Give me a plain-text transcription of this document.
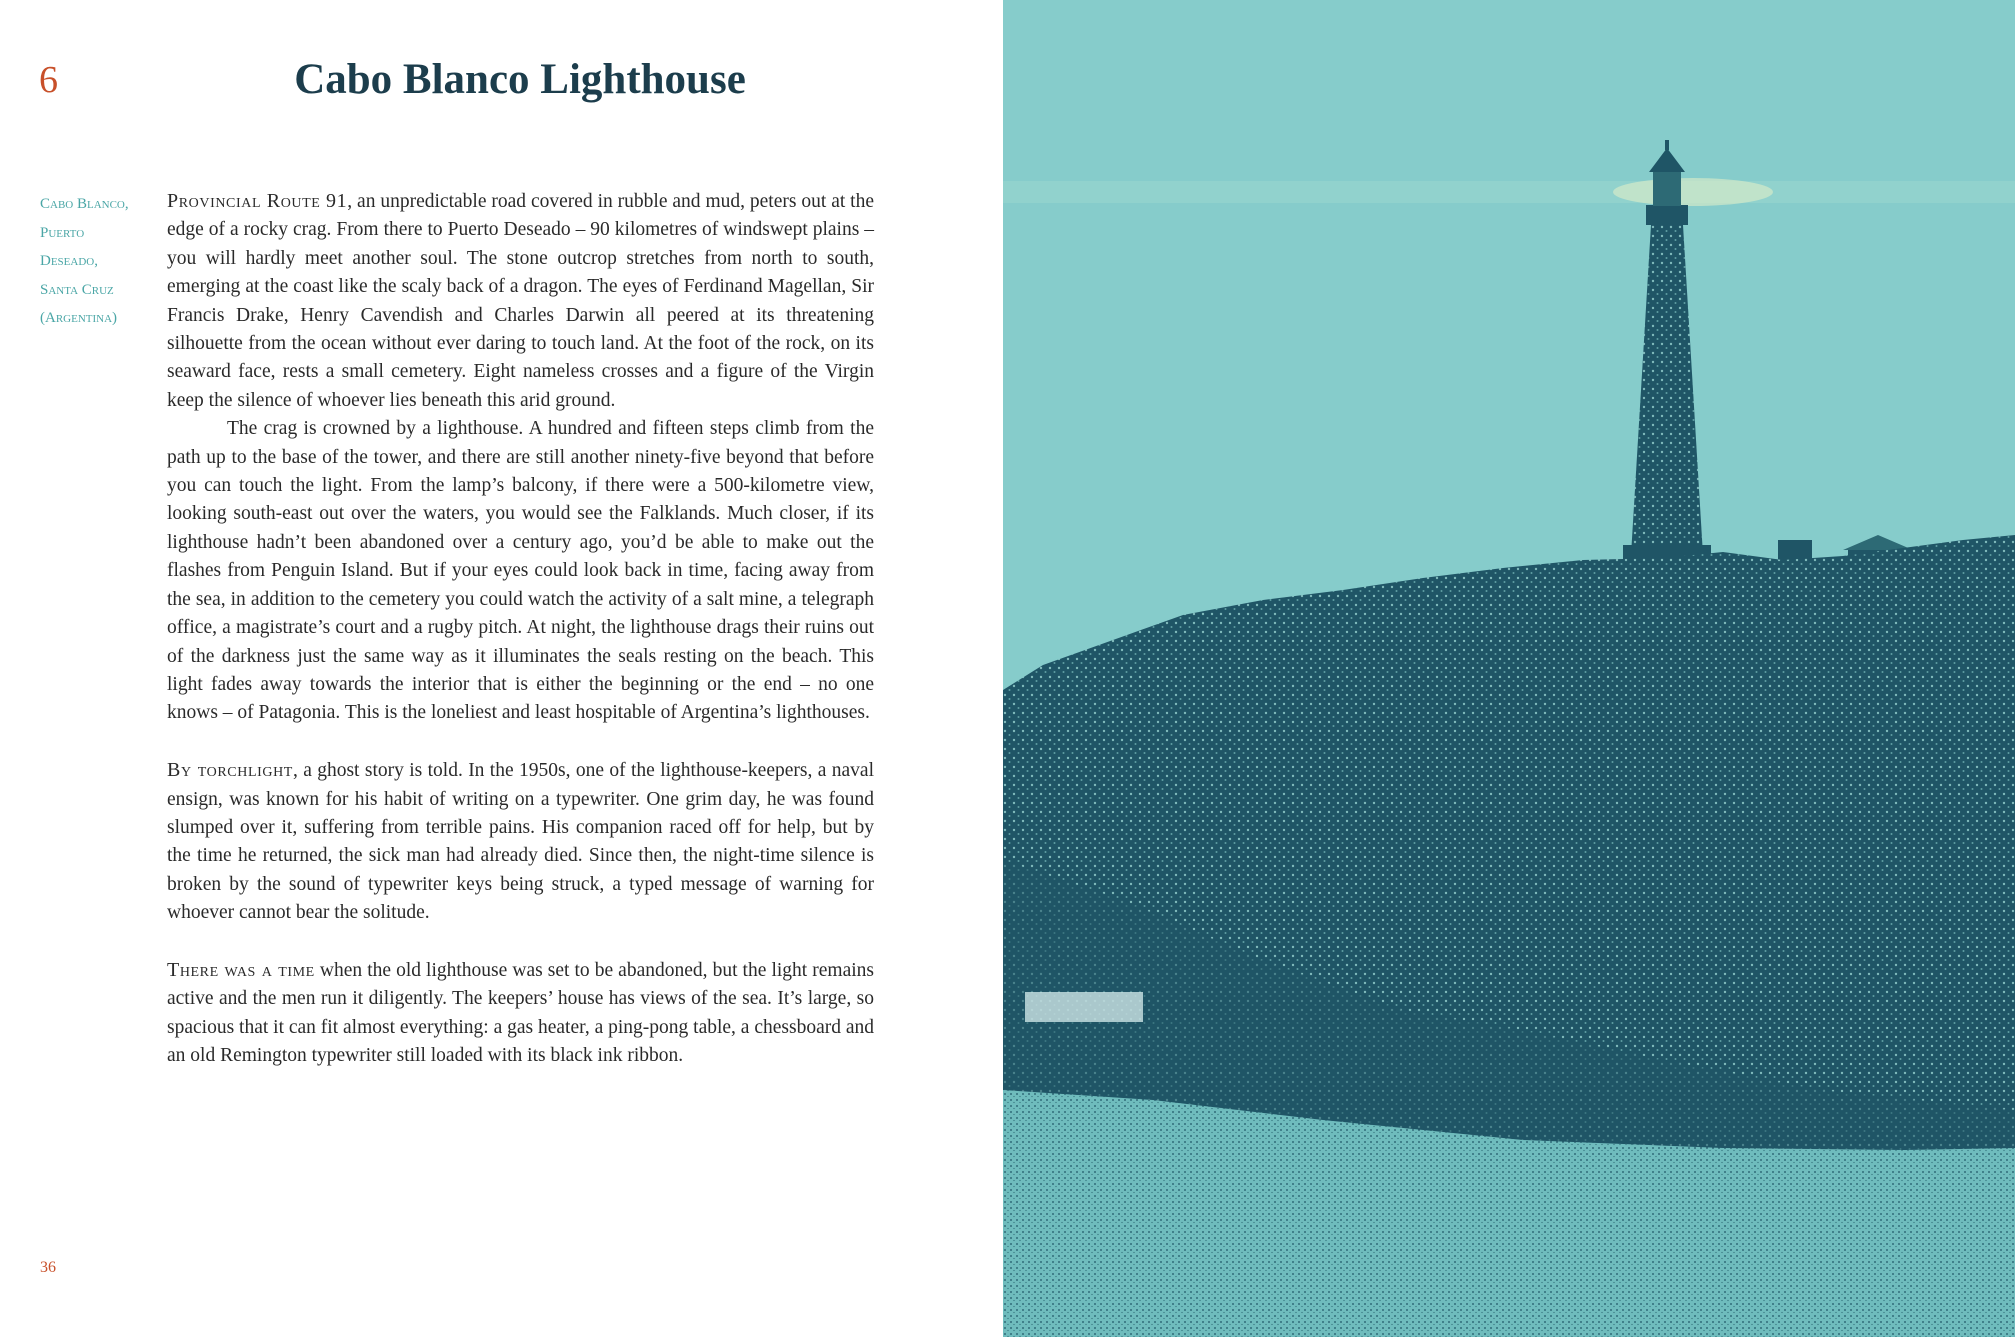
6	Cabo Blanco Lighthouse
Cabo Blanco,
Puerto
Deseado,
Santa Cruz
(Argentina)

Provincial Route 91, an unpredictable road covered in rubble and mud, peters out at the edge of a rocky crag. From there to Puerto Deseado – 90 kilometres of windswept plains – you will hardly meet another soul. The stone outcrop stretches from north to south, emerging at the coast like the scaly back of a dragon. The eyes of Ferdinand Magellan, Sir Francis Drake, Henry Cavendish and Charles Darwin all peered at its threatening silhouette from the ocean without ever daring to touch land. At the foot of the rock, on its seaward face, rests a small cemetery. Eight nameless crosses and a figure of the Virgin keep the silence of whoever lies beneath this arid ground.

The crag is crowned by a lighthouse. A hundred and fifteen steps climb from the path up to the base of the tower, and there are still another ninety-five beyond that before you can touch the light. From the lamp’s balcony, if there were a 500-kilometre view, looking south-east out over the waters, you would see the Falklands. Much closer, if its lighthouse hadn’t been abandoned over a century ago, you’d be able to make out the flashes from Penguin Island. But if your eyes could look back in time, facing away from the sea, in addition to the cemetery you could watch the activity of a salt mine, a telegraph office, a magistrate’s court and a rugby pitch. At night, the lighthouse drags their ruins out of the darkness just the same way as it illuminates the seals resting on the beach. This light fades away towards the interior that is either the beginning or the end – no one knows – of Patagonia. This is the loneliest and least hospitable of Argentina’s lighthouses.

By torchlight, a ghost story is told. In the 1950s, one of the lighthouse-keepers, a naval ensign, was known for his habit of writing on a typewriter. One grim day, he was found slumped over it, suffering from terrible pains. His companion raced off for help, but by the time he returned, the sick man had already died. Since then, the night-time silence is broken by the sound of typewriter keys being struck, a typed message of warning for whoever cannot bear the solitude.

There was a time when the old lighthouse was set to be abandoned, but the light remains active and the men run it diligently. The keepers’ house has views of the sea. It’s large, so spacious that it can fit almost everything: a gas heater, a ping-pong table, a chessboard and an old Remington typewriter still loaded with its black ink ribbon.

36
